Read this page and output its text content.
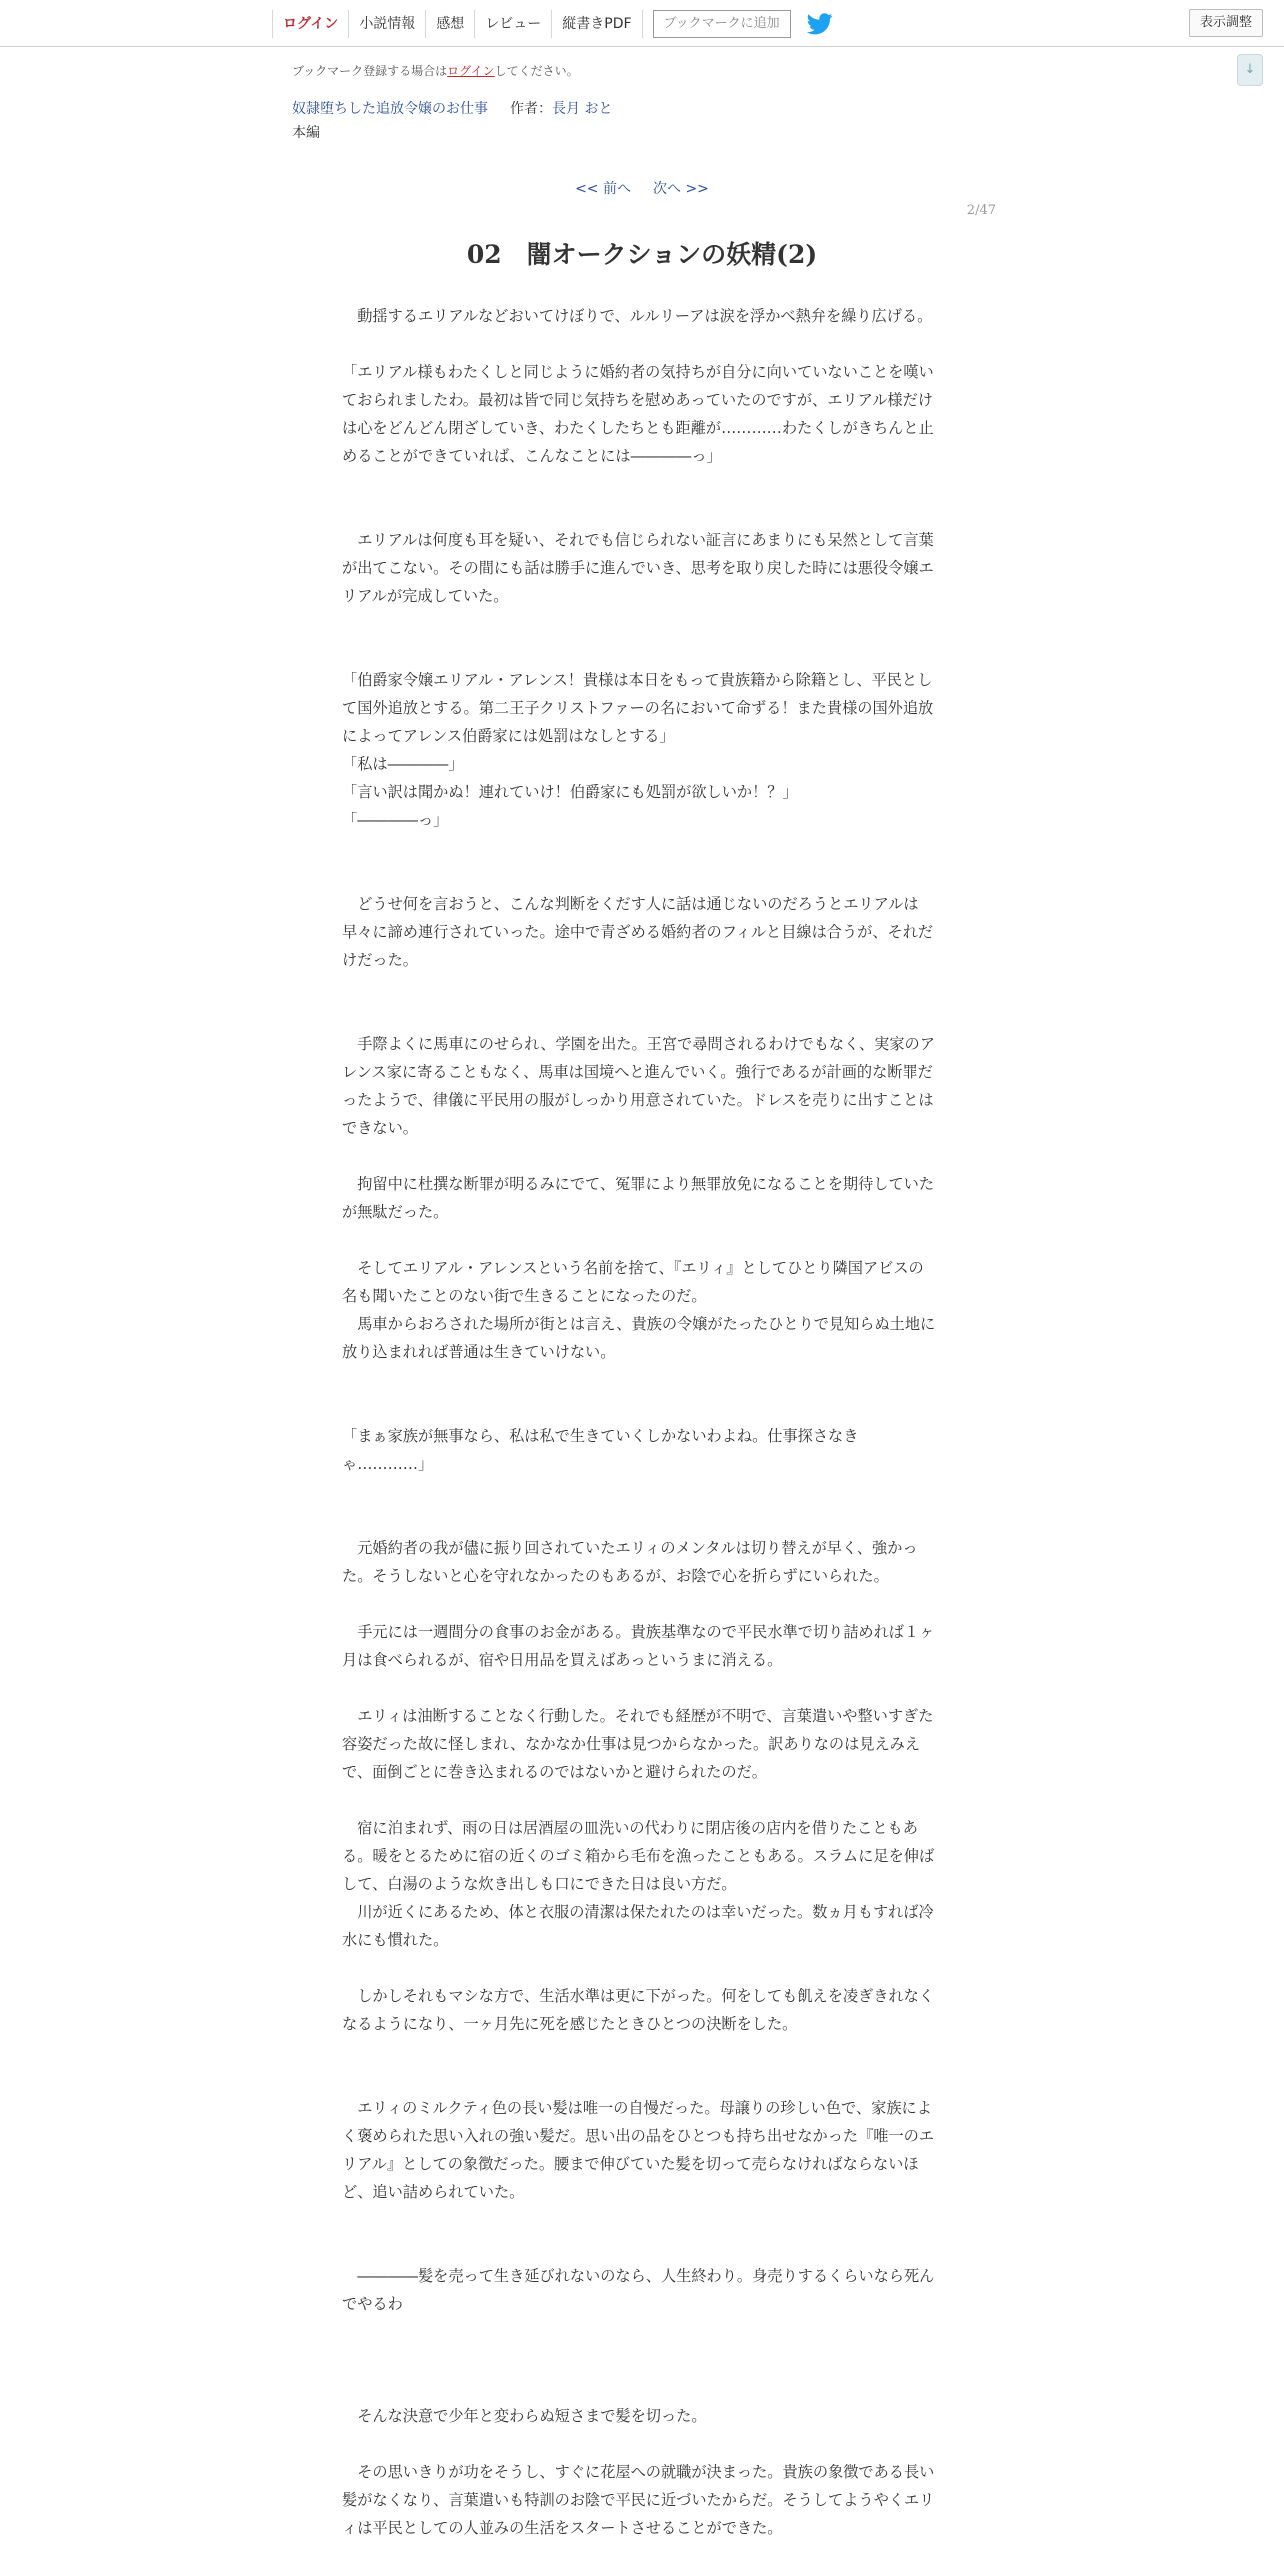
ログイン	小説情報	感想	レビュー	縦書きPDF	ブックマークに追加	表示調整
↓
ブックマーク登録する場合はログインしてください。
奴隷堕ちした追放令嬢のお仕事 作者：長月 おと
本編
<< 前へ 次へ >>
2/47
02　闇オークションの妖精(2)

　動揺するエリアルなどおいてけぼりで、ルルリーアは涙を浮かべ熱弁を繰り広げる。

「エリアル様もわたくしと同じように婚約者の気持ちが自分に向いていないことを嘆いておられましたわ。最初は皆で同じ気持ちを慰めあっていたのですが、エリアル様だけは心をどんどん閉ざしていき、わたくしたちとも距離が…………わたくしがきちんと止めることができていれば、こんなことには――――っ」

　エリアルは何度も耳を疑い、それでも信じられない証言にあまりにも呆然として言葉が出てこない。その間にも話は勝手に進んでいき、思考を取り戻した時には悪役令嬢エリアルが完成していた。

「伯爵家令嬢エリアル・アレンス！貴様は本日をもって貴族籍から除籍とし、平民として国外追放とする。第二王子クリストファーの名において命ずる！また貴様の国外追放によってアレンス伯爵家には処罰はなしとする」

「私は――――」

「言い訳は聞かぬ！連れていけ！伯爵家にも処罰が欲しいか！？」

「――――っ」

　どうせ何を言おうと、こんな判断をくだす人に話は通じないのだろうとエリアルは早々に諦め連行されていった。途中で青ざめる婚約者のフィルと目線は合うが、それだけだった。

　手際よくに馬車にのせられ、学園を出た。王宮で尋問されるわけでもなく、実家のアレンス家に寄ることもなく、馬車は国境へと進んでいく。強行であるが計画的な断罪だったようで、律儀に平民用の服がしっかり用意されていた。ドレスを売りに出すことはできない。

　拘留中に杜撰な断罪が明るみにでて、冤罪により無罪放免になることを期待していたが無駄だった。

　そしてエリアル・アレンスという名前を捨て、『エリィ』としてひとり隣国アビスの名も聞いたことのない街で生きることになったのだ。

　馬車からおろされた場所が街とは言え、貴族の令嬢がたったひとりで見知らぬ土地に放り込まれれば普通は生きていけない。

「まぁ家族が無事なら、私は私で生きていくしかないわよね。仕事探さなきゃ…………」

　元婚約者の我が儘に振り回されていたエリィのメンタルは切り替えが早く、強かった。そうしないと心を守れなかったのもあるが、お陰で心を折らずにいられた。

　手元には一週間分の食事のお金がある。貴族基準なので平民水準で切り詰めれば１ヶ月は食べられるが、宿や日用品を買えばあっというまに消える。

　エリィは油断することなく行動した。それでも経歴が不明で、言葉遣いや整いすぎた容姿だった故に怪しまれ、なかなか仕事は見つからなかった。訳ありなのは見えみえで、面倒ごとに巻き込まれるのではないかと避けられたのだ。

　宿に泊まれず、雨の日は居酒屋の皿洗いの代わりに閉店後の店内を借りたこともある。暖をとるために宿の近くのゴミ箱から毛布を漁ったこともある。スラムに足を伸ばして、白湯のような炊き出しも口にできた日は良い方だ。

　川が近くにあるため、体と衣服の清潔は保たれたのは幸いだった。数ヵ月もすれば冷水にも慣れた。

　しかしそれもマシな方で、生活水準は更に下がった。何をしても飢えを凌ぎきれなくなるようになり、一ヶ月先に死を感じたときひとつの決断をした。

　エリィのミルクティ色の長い髪は唯一の自慢だった。母譲りの珍しい色で、家族によく褒められた思い入れの強い髪だ。思い出の品をひとつも持ち出せなかった『唯一のエリアル』としての象徴だった。腰まで伸びていた髪を切って売らなければならないほど、追い詰められていた。

　――――髪を売って生き延びれないのなら、人生終わり。身売りするくらいなら死んでやるわ

　そんな決意で少年と変わらぬ短さまで髪を切った。

　その思いきりが功をそうし、すぐに花屋への就職が決まった。貴族の象徴である長い髪がなくなり、言葉遣いも特訓のお陰で平民に近づいたからだ。そうしてようやくエリィは平民としての人並みの生活をスタートさせることができた。
